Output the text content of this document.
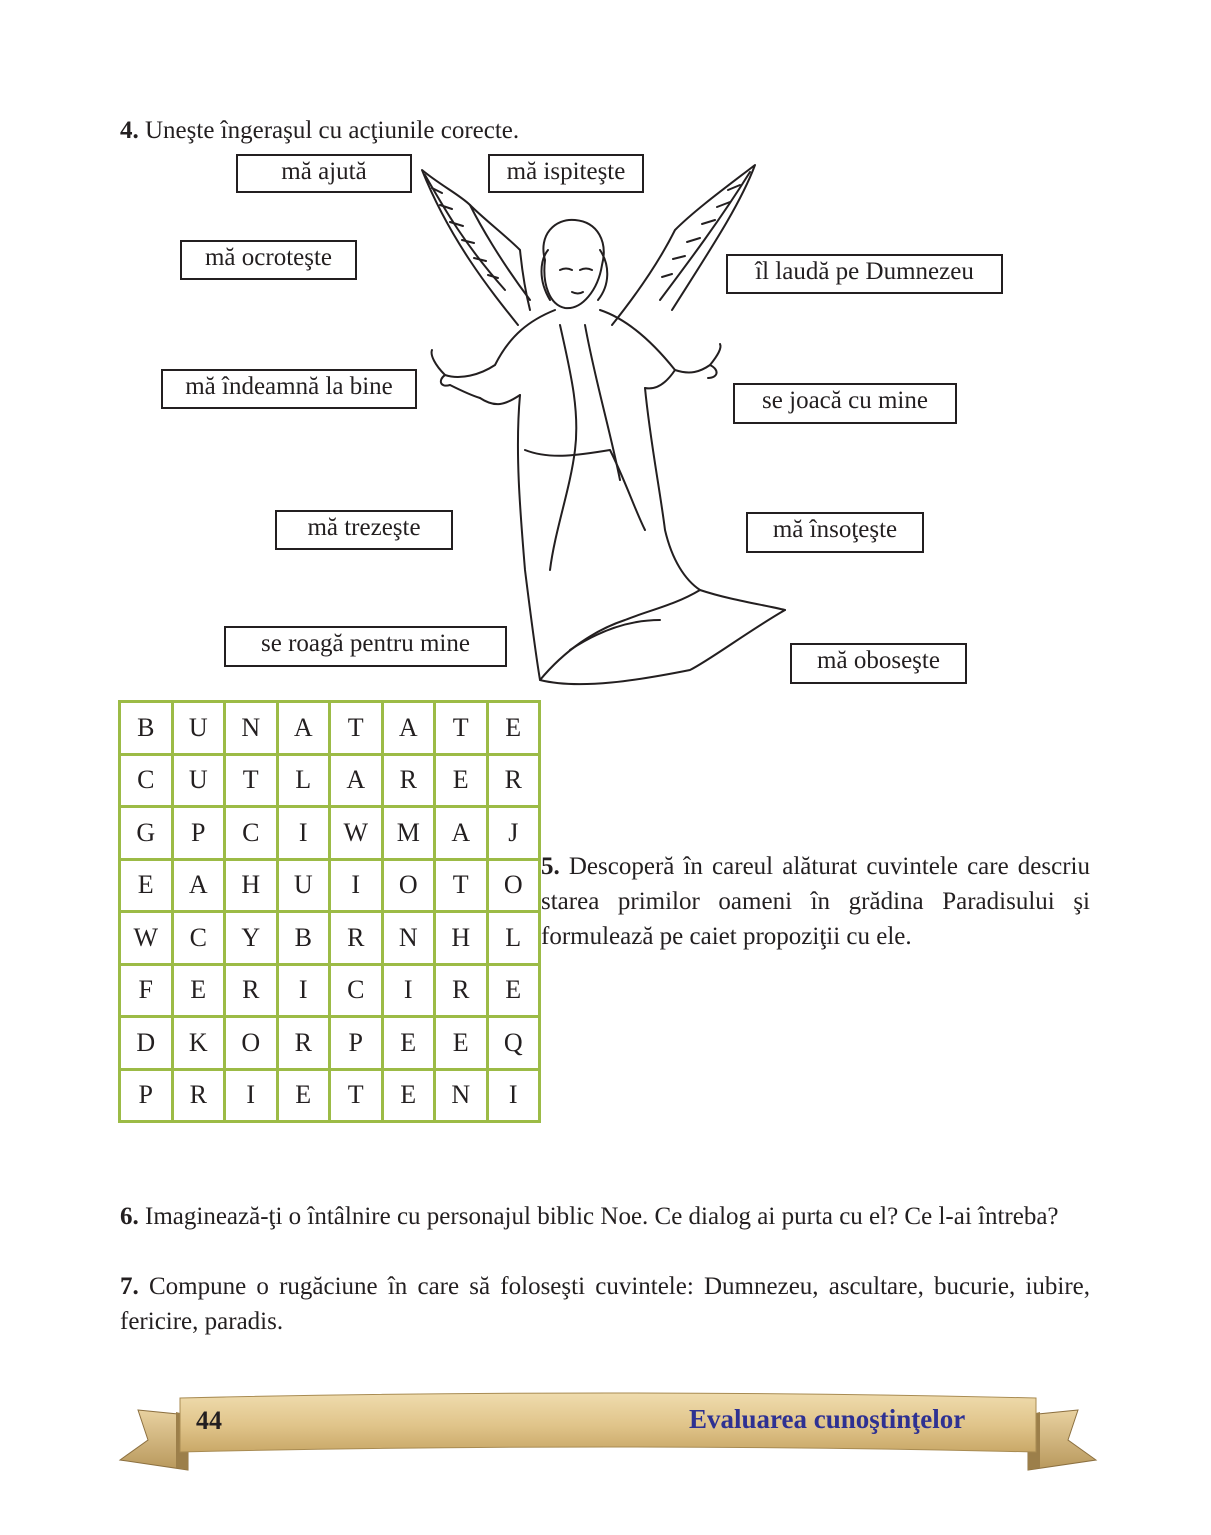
4. Uneşte îngeraşul cu acţiunile corecte.
mă ajută	mă ispiteşte
mă ocroteşte
îl laudă pe Dumnezeu
mă îndeamnă la bine
se joacă cu mine
mă trezeşte	mă însoţeşte
se roagă pentru mine
mă oboseşte
B	U	N	A	T	A	T	E
C	U	T	L	A	R	E	R
G	P	C	I	W	M	A	J
E	A	H	U	I	O	T	O
W	C	Y	B	R	N	H	L
F	E	R	I	C	I	R	E
D	K	O	R	P	E	E	Q
P	R	I	E	T	E	N	I
5. Descoperă în careul alăturat cuvintele care descriu starea primilor oameni în grădina Paradisului şi formulează pe caiet propoziţii cu ele.
6. Imaginează-ţi o întâlnire cu personajul biblic Noe. Ce dialog ai purta cu el? Ce l-ai întreba?
7. Compune o rugăciune în care să foloseşti cuvintele: Dumnezeu, ascultare, bucurie, iubire, fericire, paradis.
44	Evaluarea cunoştinţelor
